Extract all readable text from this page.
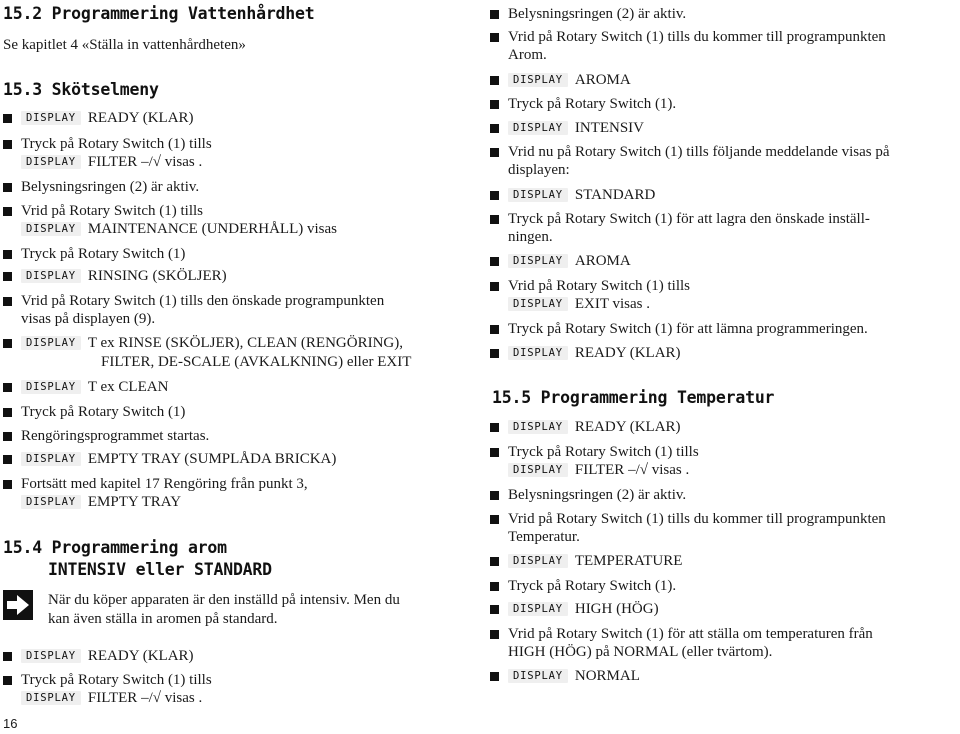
15.2 Programmering Vattenhårdhet
Se kapitlet 4 «Ställa in vattenhårdheten»
15.3 Skötselmeny
DISPLAY READY (KLAR)
Tryck på Rotary Switch (1) tills
DISPLAY FILTER –/√ visas .
Belysningsringen (2) är aktiv.
Vrid på Rotary Switch (1) tills
DISPLAY MAINTENANCE (UNDERHÅLL) visas
Tryck på Rotary Switch (1)
DISPLAY RINSING (SKÖLJER)
Vrid på Rotary Switch (1) tills den önskade programpunkten
visas på displayen (9).
DISPLAY T ex RINSE (SKÖLJER), CLEAN (RENGÖRING),
FILTER, DE-SCALE (AVKALKNING) eller EXIT
DISPLAY T ex CLEAN
Tryck på Rotary Switch (1)
Rengöringsprogrammet startas.
DISPLAY EMPTY TRAY (SUMPLÅDA BRICKA)
Fortsätt med kapitel 17 Rengöring från punkt 3,
DISPLAY EMPTY TRAY
15.4 Programmering arom
INTENSIV eller STANDARD
När du köper apparaten är den inställd på intensiv. Men du
kan även ställa in aromen på standard.
DISPLAY READY (KLAR)
Tryck på Rotary Switch (1) tills
DISPLAY FILTER –/√ visas .
Belysningsringen (2) är aktiv.
Vrid på Rotary Switch (1) tills du kommer till programpunkten
Arom.
DISPLAY AROMA
Tryck på Rotary Switch (1).
DISPLAY INTENSIV
Vrid nu på Rotary Switch (1) tills följande meddelande visas på
displayen:
DISPLAY STANDARD
Tryck på Rotary Switch (1) för att lagra den önskade inställ-
ningen.
DISPLAY AROMA
Vrid på Rotary Switch (1) tills
DISPLAY EXIT visas .
Tryck på Rotary Switch (1) för att lämna programmeringen.
DISPLAY READY (KLAR)
15.5 Programmering Temperatur
DISPLAY READY (KLAR)
Tryck på Rotary Switch (1) tills
DISPLAY FILTER –/√ visas .
Belysningsringen (2) är aktiv.
Vrid på Rotary Switch (1) tills du kommer till programpunkten
Temperatur.
DISPLAY TEMPERATURE
Tryck på Rotary Switch (1).
DISPLAY HIGH (HÖG)
Vrid på Rotary Switch (1) för att ställa om temperaturen från
HIGH (HÖG) på NORMAL (eller tvärtom).
DISPLAY NORMAL
16
